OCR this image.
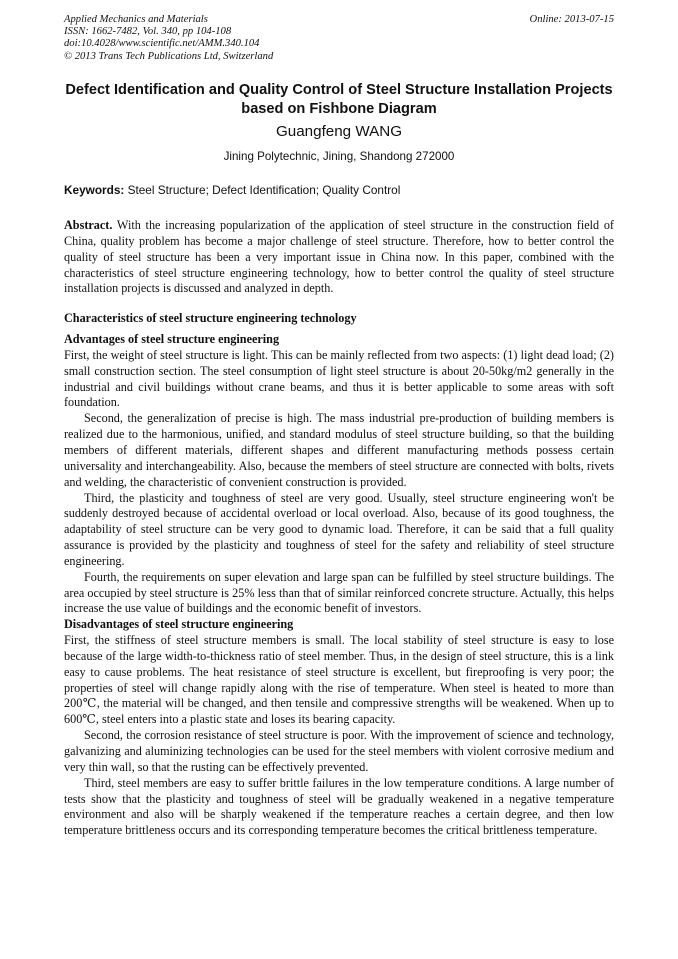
Applied Mechanics and Materials
ISSN: 1662-7482, Vol. 340, pp 104-108
doi:10.4028/www.scientific.net/AMM.340.104
© 2013 Trans Tech Publications Ltd, Switzerland
Online: 2013-07-15
Defect Identification and Quality Control of Steel Structure Installation Projects based on Fishbone Diagram
Guangfeng WANG
Jining Polytechnic, Jining, Shandong 272000
Keywords: Steel Structure; Defect Identification; Quality Control

Abstract. With the increasing popularization of the application of steel structure in the construction field of China, quality problem has become a major challenge of steel structure. Therefore, how to better control the quality of steel structure has been a very important issue in China now. In this paper, combined with the characteristics of steel structure engineering technology, how to better control the quality of steel structure installation projects is discussed and analyzed in depth.

Characteristics of steel structure engineering technology

Advantages of steel structure engineering

First, the weight of steel structure is light. This can be mainly reflected from two aspects: (1) light dead load; (2) small construction section. The steel consumption of light steel structure is about 20-50kg/m2 generally in the industrial and civil buildings without crane beams, and thus it is better applicable to some areas with soft foundation.

Second, the generalization of precise is high. The mass industrial pre-production of building members is realized due to the harmonious, unified, and standard modulus of steel structure building, so that the building members of different materials, different shapes and different manufacturing methods possess certain universality and interchangeability. Also, because the members of steel structure are connected with bolts, rivets and welding, the characteristic of convenient construction is provided.

Third, the plasticity and toughness of steel are very good. Usually, steel structure engineering won't be suddenly destroyed because of accidental overload or local overload. Also, because of its good toughness, the adaptability of steel structure can be very good to dynamic load. Therefore, it can be said that a full quality assurance is provided by the plasticity and toughness of steel for the safety and reliability of steel structure engineering.

Fourth, the requirements on super elevation and large span can be fulfilled by steel structure buildings. The area occupied by steel structure is 25% less than that of similar reinforced concrete structure. Actually, this helps increase the use value of buildings and the economic benefit of investors.

Disadvantages of steel structure engineering

First, the stiffness of steel structure members is small. The local stability of steel structure is easy to lose because of the large width-to-thickness ratio of steel member. Thus, in the design of steel structure, this is a link easy to cause problems. The heat resistance of steel structure is excellent, but fireproofing is very poor; the properties of steel will change rapidly along with the rise of temperature. When steel is heated to more than 200℃, the material will be changed, and then tensile and compressive strengths will be weakened. When up to 600℃, steel enters into a plastic state and loses its bearing capacity.

Second, the corrosion resistance of steel structure is poor. With the improvement of science and technology, galvanizing and aluminizing technologies can be used for the steel members with violent corrosive medium and very thin wall, so that the rusting can be effectively prevented.

Third, steel members are easy to suffer brittle failures in the low temperature conditions. A large number of tests show that the plasticity and toughness of steel will be gradually weakened in a negative temperature environment and also will be sharply weakened if the temperature reaches a certain degree, and then low temperature brittleness occurs and its corresponding temperature becomes the critical brittleness temperature.
